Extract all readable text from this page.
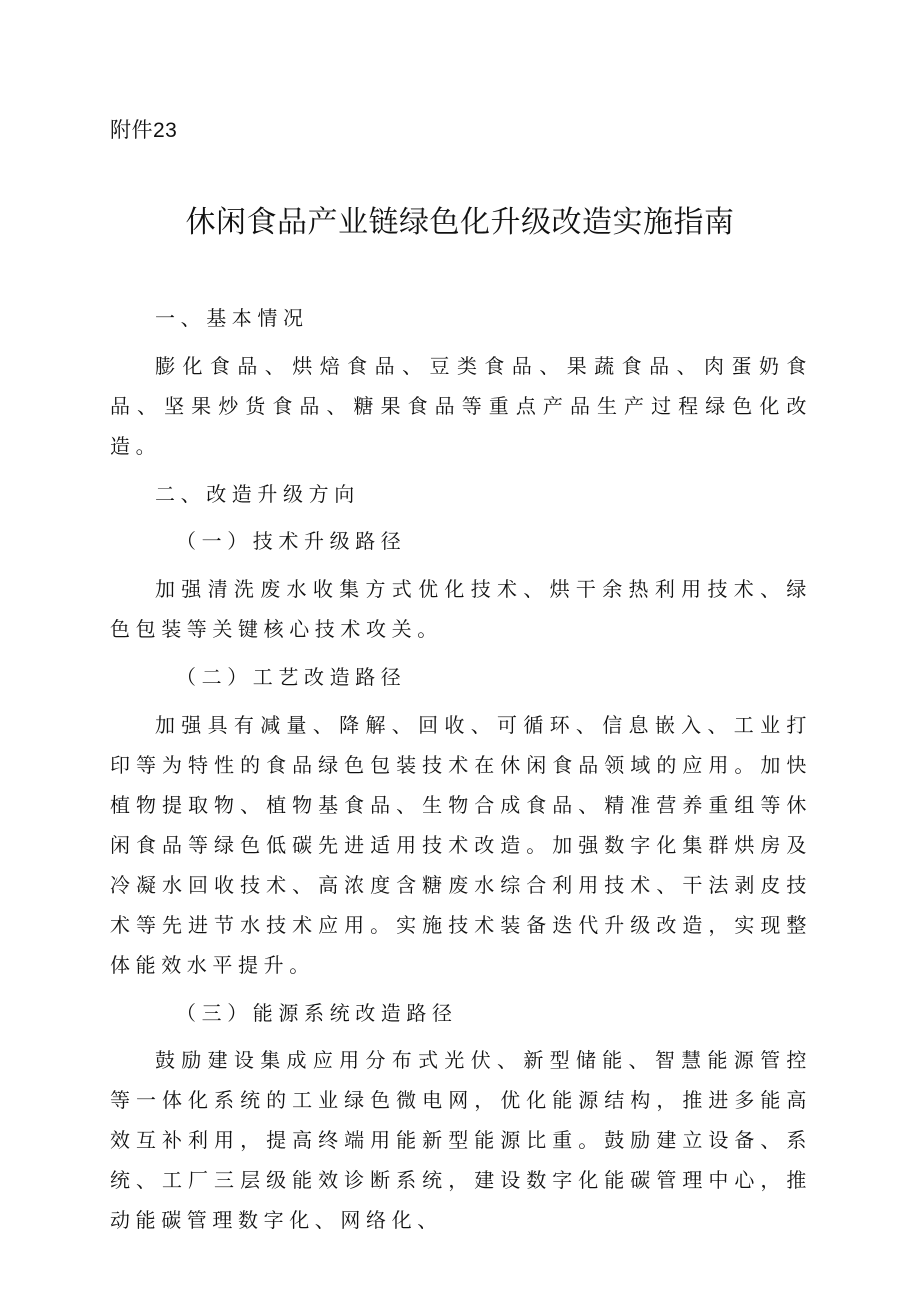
附件23
休闲食品产业链绿色化升级改造实施指南

一、基本情况

膨化食品、烘焙食品、豆类食品、果蔬食品、肉蛋奶食品、坚果炒货食品、糖果食品等重点产品生产过程绿色化改造。

二、改造升级方向

（一）技术升级路径

加强清洗废水收集方式优化技术、烘干余热利用技术、绿色包装等关键核心技术攻关。

（二）工艺改造路径

加强具有减量、降解、回收、可循环、信息嵌入、工业打印等为特性的食品绿色包装技术在休闲食品领域的应用。加快植物提取物、植物基食品、生物合成食品、精准营养重组等休闲食品等绿色低碳先进适用技术改造。加强数字化集群烘房及冷凝水回收技术、高浓度含糖废水综合利用技术、干法剥皮技术等先进节水技术应用。实施技术装备迭代升级改造，实现整体能效水平提升。

（三）能源系统改造路径

鼓励建设集成应用分布式光伏、新型储能、智慧能源管控等一体化系统的工业绿色微电网，优化能源结构，推进多能高效互补利用，提高终端用能新型能源比重。鼓励建立设备、系统、工厂三层级能效诊断系统，建设数字化能碳管理中心，推动能碳管理数字化、网络化、
